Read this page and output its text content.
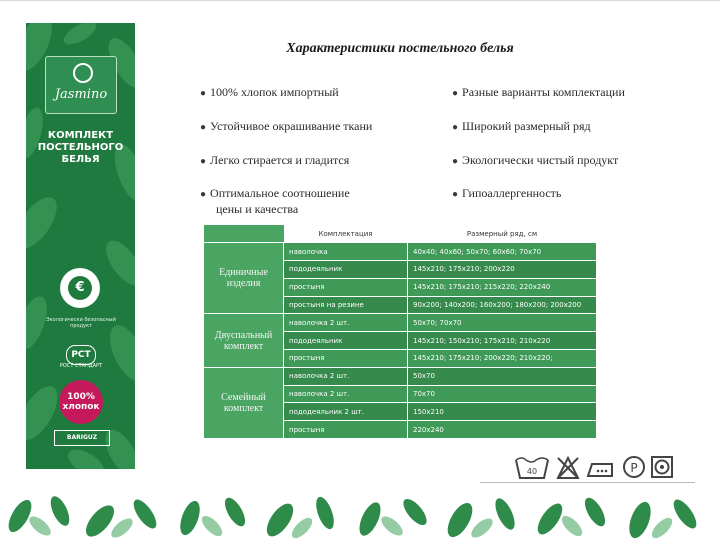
Jasmino
КОМПЛЕКТ
ПОСТЕЛЬНОГО
БЕЛЬЯ
€
Экологически безопасный продукт
РСТ
РОСТ СТАНДАРТ
100%
хлопок
BARIGUZ
Характеристики постельного белья
● 100% хлопок импортный
● Устойчивое окрашивание ткани
● Легко стирается и гладится
● Оптимальное соотношение
цены и качества
● Разные варианты комплектации
● Широкий размерный ряд
● Экологически чистый продукт
● Гипоаллергенность
	Комплектация	Размерный ряд, см
Единичные
изделия	наволочка	40х40; 40х60; 50х70; 60х60; 70х70
	пододеяльник	145х210; 175х210; 200х220
	простыня	145х210; 175х210; 215х220; 220х240
	простыня на резине	90х200; 140х200; 160х200; 180х200; 200х200
Двуспальный
комплект	наволочка 2 шт.	50х70; 70х70
	пододеяльник	145х210; 150х210; 175х210; 210х220
	простыня	145х210; 175х210; 200х220; 210х220;
Семейный
комплект	наволочка 2 шт.	50х70
	наволочка 2 шт.	70х70
	пододеяльник 2 шт.	150х210
	простыня	220х240
40	P
